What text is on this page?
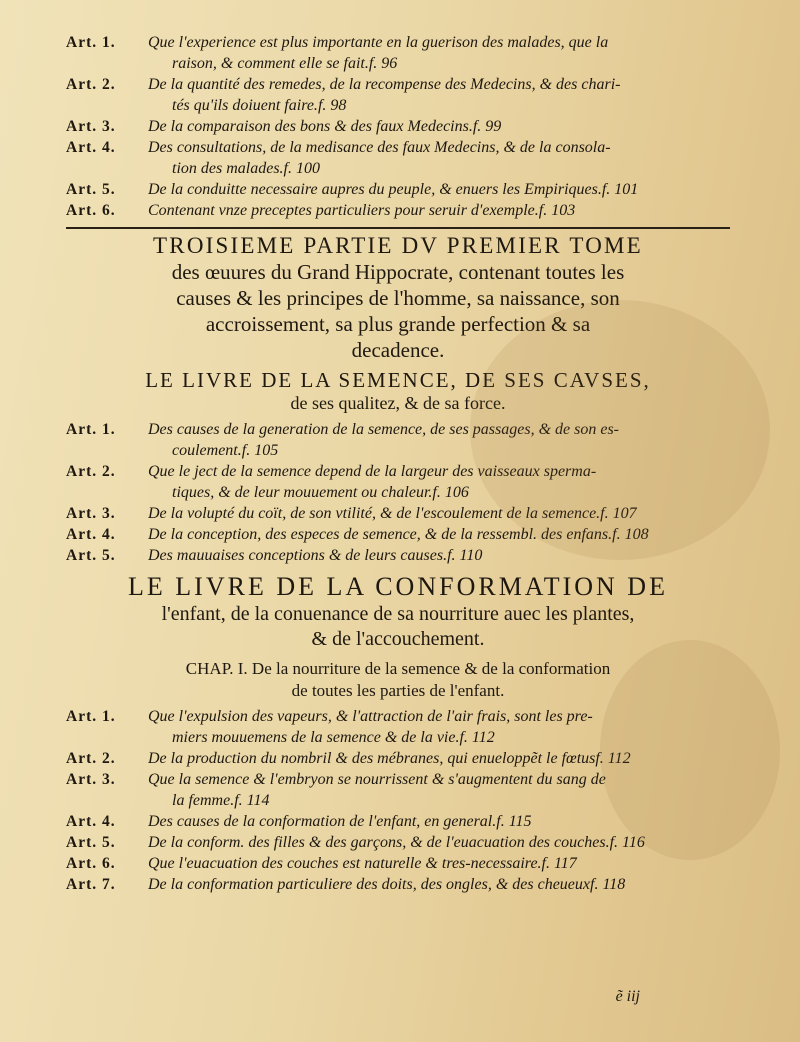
Art. 1.	Que l'experience est plus importante en la guerison des malades, que la
raison, & comment elle se fait.f. 96
Art. 2.	De la quantité des remedes, de la recompense des Medecins, & des chari-
tés qu'ils doiuent faire.f. 98
Art. 3.	De la comparaison des bons & des faux Medecins.f. 99
Art. 4.	Des consultations, de la medisance des faux Medecins, & de la consola-
tion des malades.f. 100
Art. 5.	De la conduitte necessaire aupres du peuple, & enuers les Empiriques.f. 101
Art. 6.	Contenant vnze preceptes particuliers pour seruir d'exemple.f. 103
TROISIEME PARTIE DV PREMIER TOME
des œuures du Grand Hippocrate, contenant toutes les
causes & les principes de l'homme, sa naissance, son
accroissement, sa plus grande perfection & sa
decadence.
LE LIVRE DE LA SEMENCE, DE SES CAVSES,
de ses qualitez, & de sa force.
Art. 1.	Des causes de la generation de la semence, de ses passages, & de son es-
coulement.f. 105
Art. 2.	Que le ject de la semence depend de la largeur des vaisseaux sperma-
tiques, & de leur mouuement ou chaleur.f. 106
Art. 3.	De la volupté du coït, de son vtilité, & de l'escoulement de la semence.f. 107
Art. 4.	De la conception, des especes de semence, & de la ressembl. des enfans.f. 108
Art. 5.	Des mauuaises conceptions & de leurs causes.f. 110
LE LIVRE DE LA CONFORMATION DE
l'enfant, de la conuenance de sa nourriture auec les plantes,
& de l'accouchement.
CHAP. I. De la nourriture de la semence & de la conformation
de toutes les parties de l'enfant.
Art. 1.	Que l'expulsion des vapeurs, & l'attraction de l'air frais, sont les pre-
miers mouuemens de la semence & de la vie.f. 112
Art. 2.	De la production du nombril & des mébranes, qui enueloppẽt le fœtusf. 112
Art. 3.	Que la semence & l'embryon se nourrissent & s'augmentent du sang de
la femme.f. 114
Art. 4.	Des causes de la conformation de l'enfant, en general.f. 115
Art. 5.	De la conform. des filles & des garçons, & de l'euacuation des couches.f. 116
Art. 6.	Que l'euacuation des couches est naturelle & tres-necessaire.f. 117
Art. 7.	De la conformation particuliere des doits, des ongles, & des cheueuxf. 118
ẽ iij
